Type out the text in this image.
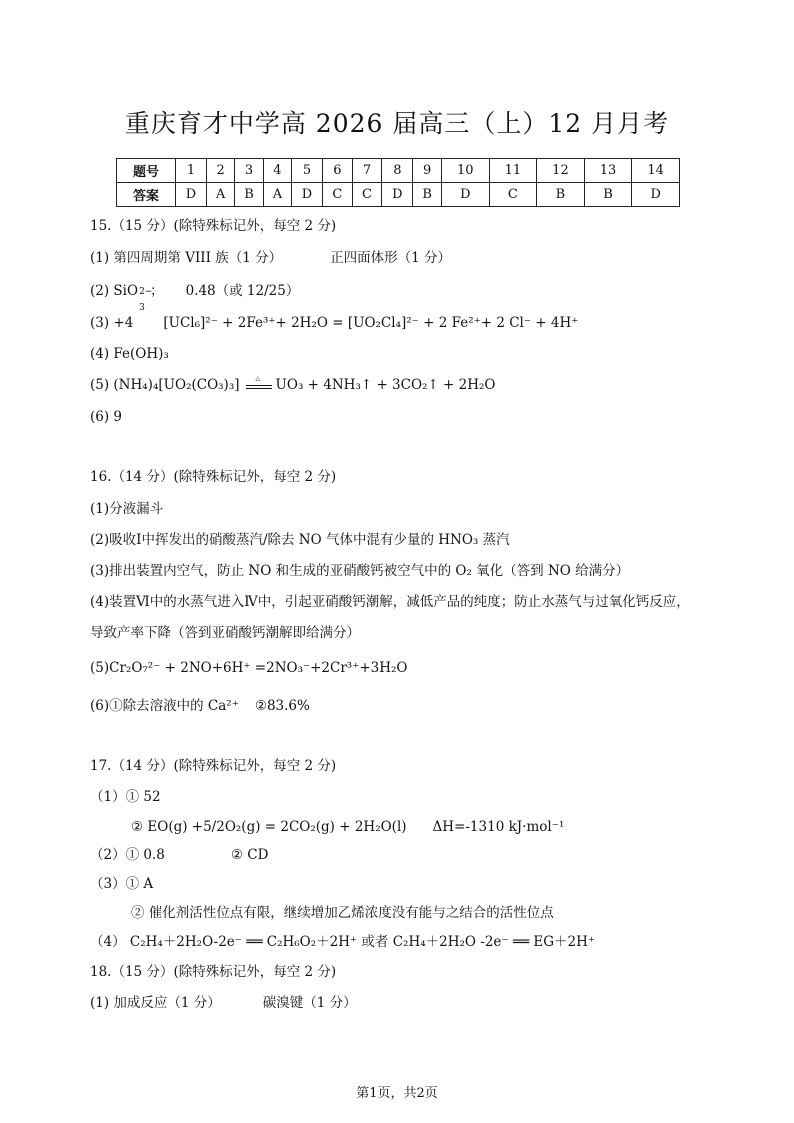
重庆育才中学高 2026 届高三（上）12 月月考
题号	1	2	3	4	5	6	7	8	9	10	11	12	13	14
答案	D	A	B	A	D	C	C	D	B	D	C	B	B	D
15.（15 分）(除特殊标记外，每空 2 分)
(1) 第四周期第 VIII 族（1 分）	正四面体形（1 分）
(2) SiO 2−
3
； 0.48（或 12/25）
(3) +4 [UCl₆]²⁻ + 2Fe³⁺+ 2H₂O = [UO₂Cl₄]²⁻ + 2 Fe²⁺+ 2 Cl⁻ + 4H⁺
(4) Fe(OH)₃
(5) (NH₄)₄[UO₂(CO₃)₃]	△ UO₃ + 4NH₃↑ + 3CO₂↑ + 2H₂O
(6) 9
16.（14 分）(除特殊标记外，每空 2 分)
(1)分液漏斗
(2)吸收Ⅰ中挥发出的硝酸蒸汽/除去 NO 气体中混有少量的 HNO₃ 蒸汽
(3)排出装置内空气，防止 NO 和生成的亚硝酸钙被空气中的 O₂ 氧化（答到 NO 给满分）
(4)装置Ⅵ中的水蒸气进入Ⅳ中，引起亚硝酸钙潮解，减低产品的纯度；防止水蒸气与过氧化钙反应，
导致产率下降（答到亚硝酸钙潮解即给满分）
(5)Cr₂O₇²⁻ + 2NO+6H⁺ =2NO₃⁻+2Cr³⁺+3H₂O
(6)①除去溶液中的 Ca²⁺ ②83.6%
17.（14 分）(除特殊标记外，每空 2 分)
（1）① 52
② EO(g) +5/2O₂(g) = 2CO₂(g) + 2H₂O(l) ΔH=-1310 kJ·mol⁻¹
（2）① 0.8	② CD
（3）① A
② 催化剂活性位点有限，继续增加乙烯浓度没有能与之结合的活性位点
（4） C₂H₄＋2H₂O-2e⁻ ══ C₂H₆O₂＋2H⁺ 或者 C₂H₄＋2H₂O -2e⁻ ══ EG＋2H⁺
18.（15 分）(除特殊标记外，每空 2 分)
(1) 加成反应（1 分）	碳溴键（1 分）
第1页，共2页
